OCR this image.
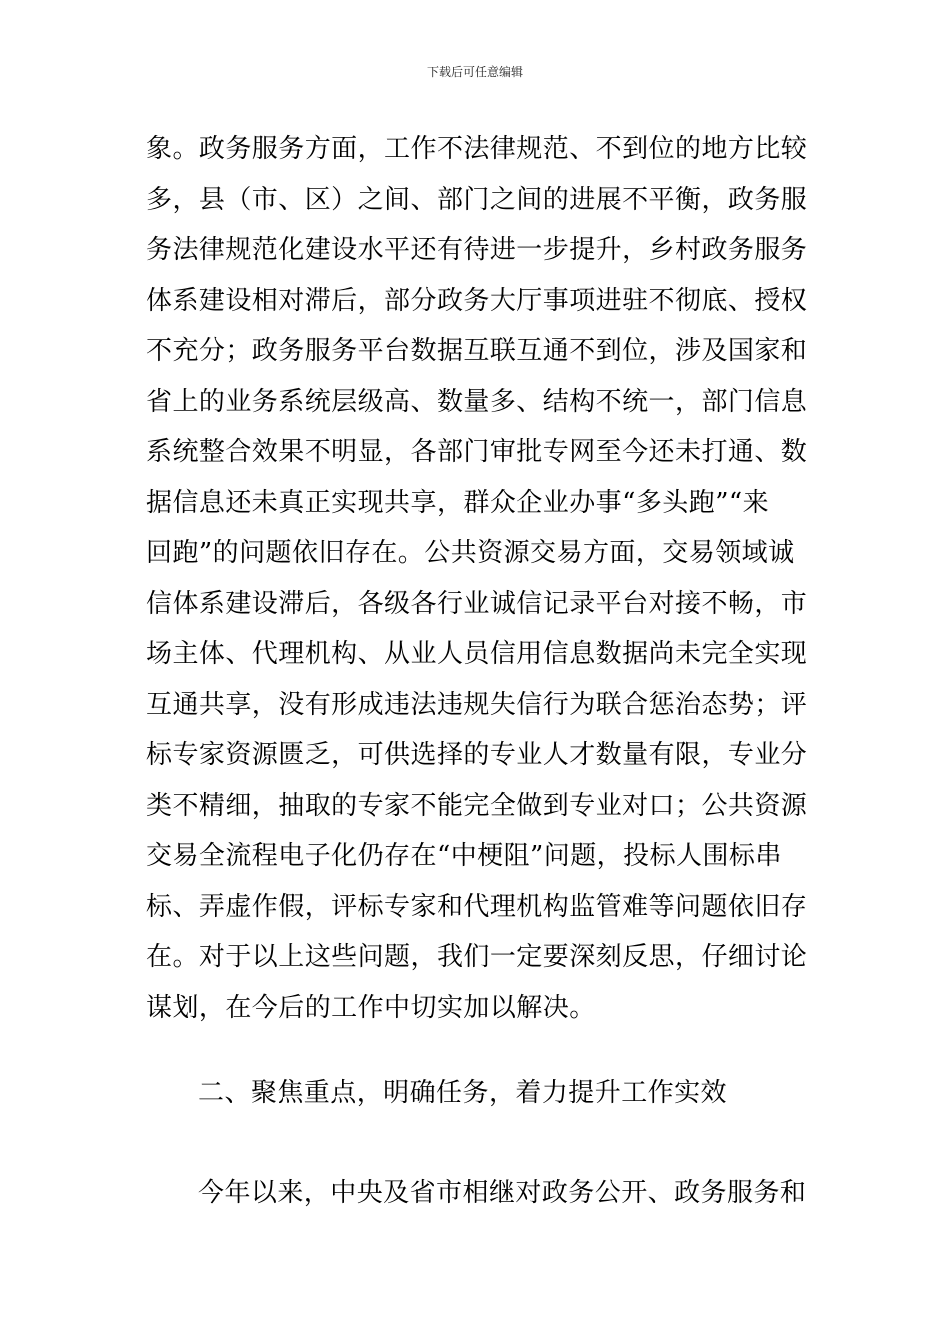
下载后可任意编辑
象。政务服务方面，工作不法律规范、不到位的地方比较
多，县（市、区）之间、部门之间的进展不平衡，政务服
务法律规范化建设水平还有待进一步提升，乡村政务服务
体系建设相对滞后，部分政务大厅事项进驻不彻底、授权
不充分；政务服务平台数据互联互通不到位，涉及国家和
省上的业务系统层级高、数量多、结构不统一，部门信息
系统整合效果不明显，各部门审批专网至今还未打通、数
据信息还未真正实现共享，群众企业办事“多头跑”“来
回跑”的问题依旧存在。公共资源交易方面，交易领域诚
信体系建设滞后，各级各行业诚信记录平台对接不畅，市
场主体、代理机构、从业人员信用信息数据尚未完全实现
互通共享，没有形成违法违规失信行为联合惩治态势；评
标专家资源匮乏，可供选择的专业人才数量有限，专业分
类不精细，抽取的专家不能完全做到专业对口；公共资源
交易全流程电子化仍存在“中梗阻”问题，投标人围标串
标、弄虚作假，评标专家和代理机构监管难等问题依旧存
在。对于以上这些问题，我们一定要深刻反思，仔细讨论
谋划，在今后的工作中切实加以解决。
二、聚焦重点，明确任务，着力提升工作实效

今年以来，中央及省市相继对政务公开、政务服务和
